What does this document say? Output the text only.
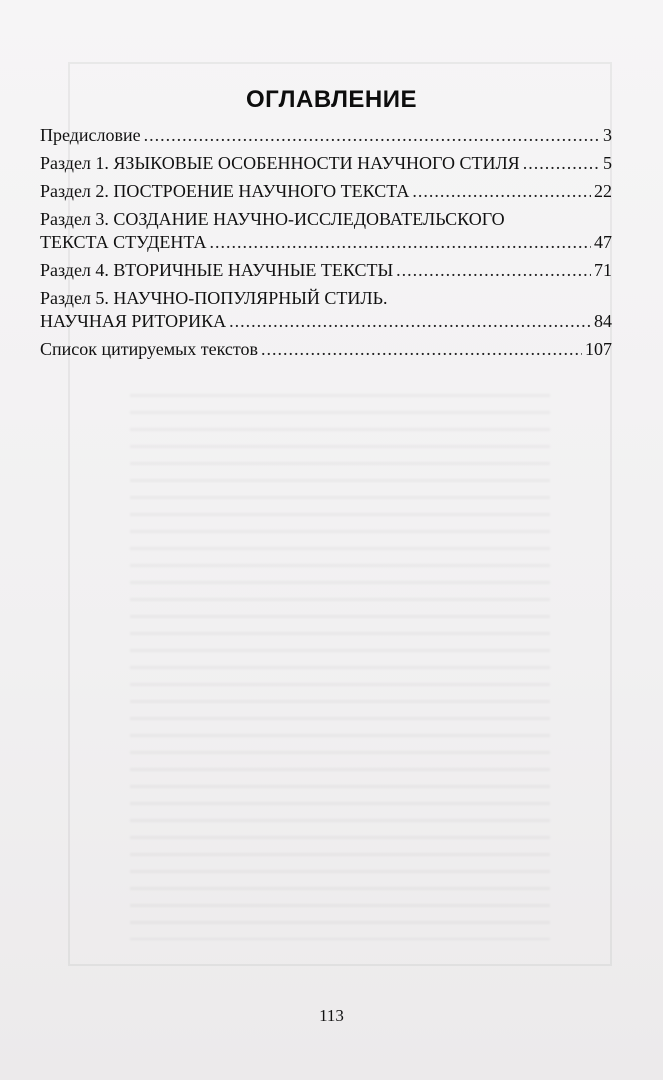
ОГЛАВЛЕНИЕ
Предисловие .....	3
Раздел 1. ЯЗЫКОВЫЕ ОСОБЕННОСТИ НАУЧНОГО СТИЛЯ .....	5
Раздел 2. ПОСТРОЕНИЕ НАУЧНОГО ТЕКСТА .....	22
Раздел 3. СОЗДАНИЕ НАУЧНО-ИССЛЕДОВАТЕЛЬСКОГО
ТЕКСТА СТУДЕНТА .....	47
Раздел 4. ВТОРИЧНЫЕ НАУЧНЫЕ ТЕКСТЫ .....	71
Раздел 5. НАУЧНО-ПОПУЛЯРНЫЙ СТИЛЬ.
НАУЧНАЯ РИТОРИКА .....	84
Список цитируемых текстов .....	107
113
